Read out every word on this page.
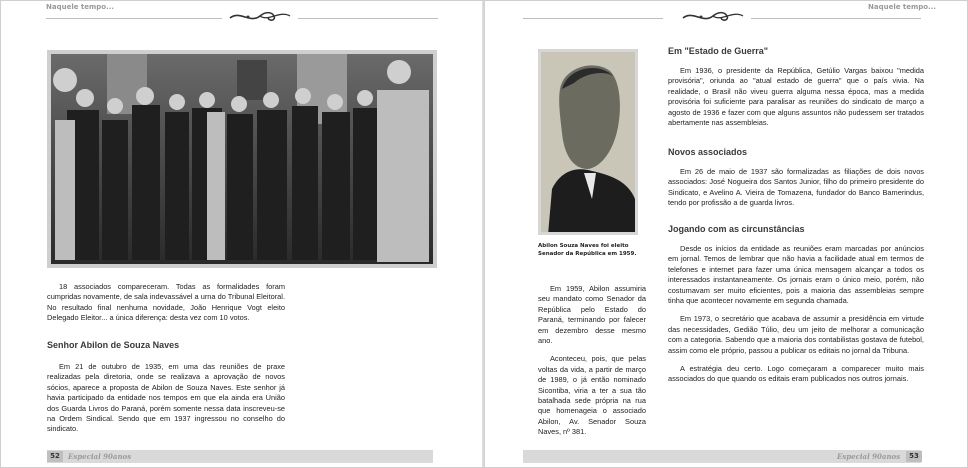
Naquele tempo...

18 associados compareceram. Todas as formalidades foram cumpridas novamente, de sala indevassável a urna do Tribunal Eleitoral. No resultado final nenhuma novidade, João Henrique Vogt eleito Delegado Eleitor... a única diferença: desta vez com 10 votos.

Senhor Abilon de Souza Naves

Em 21 de outubro de 1935, em uma das reuniões de praxe realizadas pela diretoria, onde se realizava a aprovação de novos sócios, aparece a proposta de Abilon de Souza Naves. Este senhor já havia participado da entidade nos tempos em que ela ainda era União dos Guarda Livros do Paraná, porém somente nessa data inscreveu-se na Ordem Sindical. Sendo que em 1937 ingressou no conselho do sindicato.

52	Especial 90anos
Naquele tempo...
Abilon Souza Naves foi eleito Senador da República em 1959.

Em 1959, Abilon assumiria seu mandato como Senador da República pelo Estado do Paraná, terminando por falecer em dezembro desse mesmo ano.

Aconteceu, pois, que pelas voltas da vida, a partir de março de 1989, o já então nominado Sicontiba, viria a ter a sua tão batalhada sede própria na rua que homenageia o associado Abilon, Av. Senador Souza Naves, nº 381.

Em "Estado de Guerra"

Em 1936, o presidente da República, Getúlio Vargas baixou "medida provisória", oriunda ao "atual estado de guerra" que o país vivia. Na realidade, o Brasil não viveu guerra alguma nessa época, mas a medida provisória foi suficiente para paralisar as reuniões do sindicato de março a agosto de 1936 e fazer com que alguns assuntos não pudessem ser tratados abertamente nas assembleias.

Novos associados

Em 26 de maio de 1937 são formalizadas as filiações de dois novos associados: José Nogueira dos Santos Junior, filho do primeiro presidente do Sindicato, e Avelino A. Vieira de Tomazena, fundador do Banco Bamerindus, tendo por profissão a de guarda livros.

Jogando com as circunstâncias

Desde os inícios da entidade as reuniões eram marcadas por anúncios em jornal. Temos de lembrar que não havia a facilidade atual em termos de telefones e internet para fazer uma única mensagem alcançar a todos os interessados instantaneamente. Os jornais eram o único meio, porém, não costumavam ser muito eficientes, pois a maioria das assembleias sempre tinha que acontecer novamente em segunda chamada.

Em 1973, o secretário que acabava de assumir a presidência em virtude das necessidades, Gedião Túlio, deu um jeito de melhorar a comunicação com a categoria. Sabendo que a maioria dos contabilistas gostava de futebol, assim como ele próprio, passou a publicar os editais no jornal da Tribuna.

A estratégia deu certo. Logo começaram a comparecer muito mais associados do que quando os editais eram publicados nos outros jornais.

Especial 90anos	53
